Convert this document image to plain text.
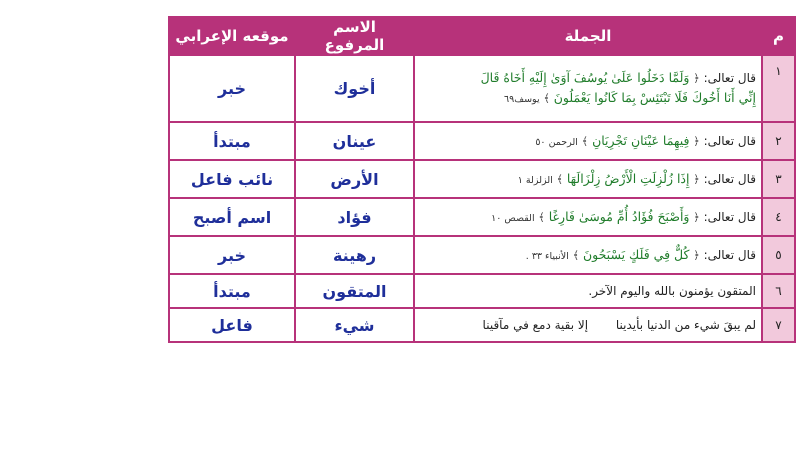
م	الجملة	الاسم المرفوع	موقعه الإعرابي
١	قال تعالى: ﴿ وَلَمَّا دَخَلُوا عَلَىٰ يُوسُفَ آوَىٰ إِلَيْهِ أَخَاهُ قَالَ
إِنِّي أَنَا أَخُوكَ فَلَا تَبْتَئِسْ بِمَا كَانُوا يَعْمَلُونَ ﴾ يوسف٦٩	أخوك	خبر
٢	قال تعالى: ﴿ فِيهِمَا عَيْنَانِ تَجْرِيَانِ ﴾ الرحمن ٥٠	عينان	مبتدأ
٣	قال تعالى: ﴿ إِذَا زُلْزِلَتِ الْأَرْضُ زِلْزَالَهَا ﴾ الزلزلة ١	الأرض	نائب فاعل
٤	قال تعالى: ﴿ وَأَصْبَحَ فُؤَادُ أُمِّ مُوسَىٰ فَارِغًا ﴾ القصص ١٠	فؤاد	اسم أصبح
٥	قال تعالى: ﴿ كُلٌّ فِي فَلَكٍ يَسْبَحُونَ ﴾ الأنبياء ٣٣ .	رهينة	خبر
٦	المتقون يؤمنون بالله واليوم الآخر.	المتقون	مبتدأ
٧	لم يبقَ شيء من الدنيا بأيدينا إلا بقية دمع في مآقينا	شيء	فاعل
